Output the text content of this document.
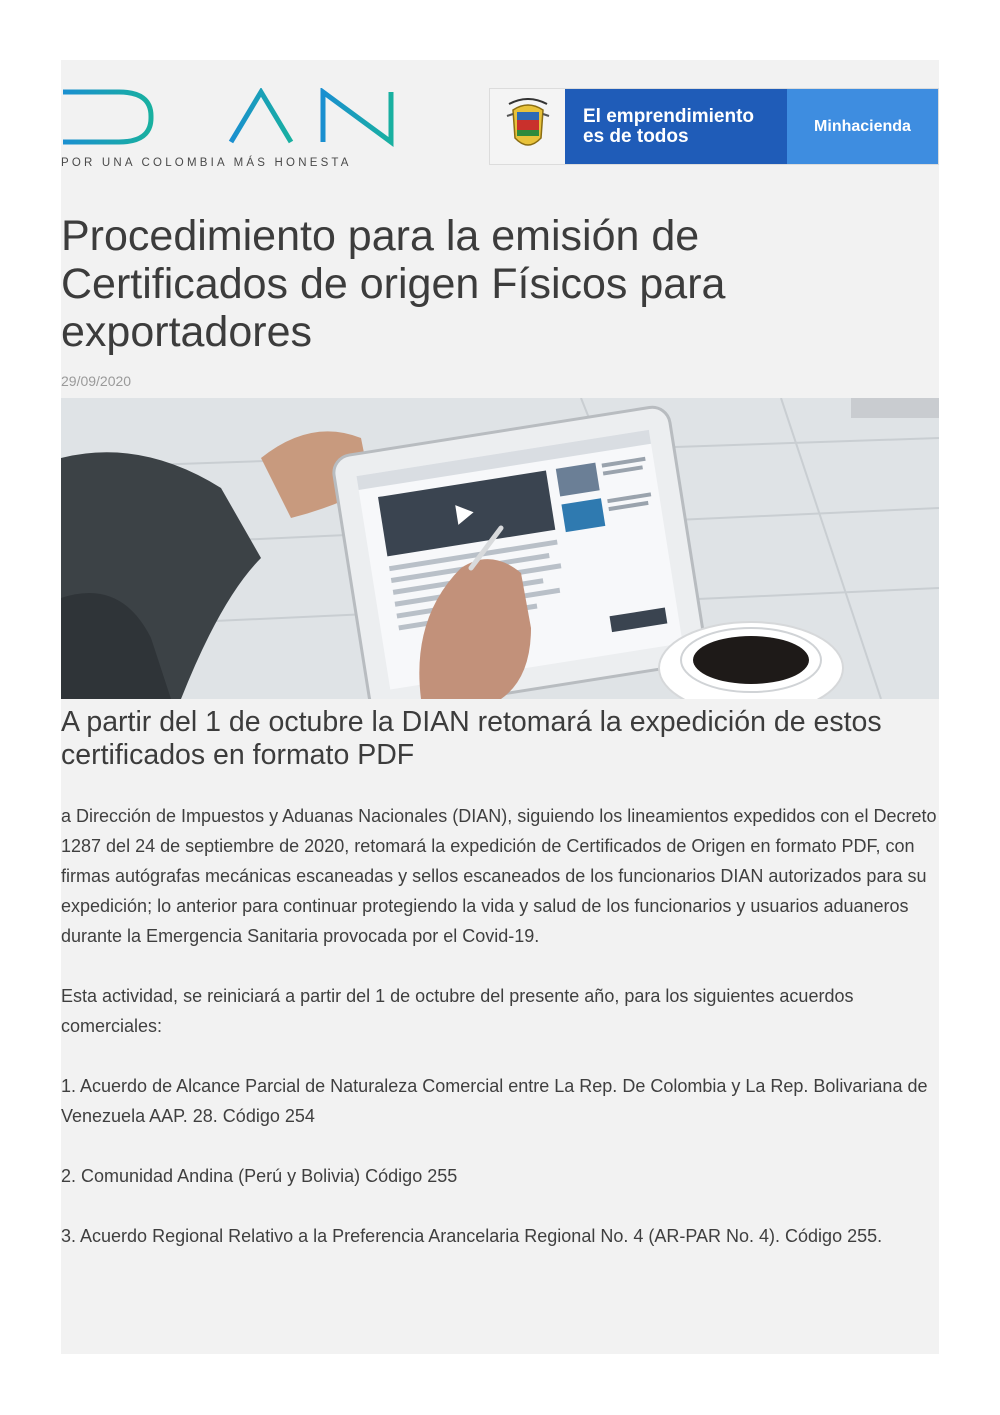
POR UNA COLOMBIA MÁS HONESTA
El emprendimiento
es de todos	Minhacienda
Procedimiento para la emisión de Certificados de origen Físicos para exportadores
29/09/2020
A partir del 1 de octubre la DIAN retomará la expedición de estos certificados en formato PDF

a Dirección de Impuestos y Aduanas Nacionales (DIAN), siguiendo los lineamientos expedidos con el Decreto 1287 del 24 de septiembre de 2020, retomará la expedición de Certificados de Origen en formato PDF, con firmas autógrafas mecánicas escaneadas y sellos escaneados de los funcionarios DIAN autorizados para su expedición; lo anterior para continuar protegiendo la vida y salud de los funcionarios y usuarios aduaneros durante la Emergencia Sanitaria provocada por el Covid-19.

Esta actividad, se reiniciará a partir del 1 de octubre del presente año, para los siguientes acuerdos comerciales:

1. Acuerdo de Alcance Parcial de Naturaleza Comercial entre La Rep. De Colombia y La Rep. Bolivariana de Venezuela AAP. 28. Código 254

2. Comunidad Andina (Perú y Bolivia) Código 255

3. Acuerdo Regional Relativo a la Preferencia Arancelaria Regional No. 4 (AR-PAR No. 4). Código 255.
